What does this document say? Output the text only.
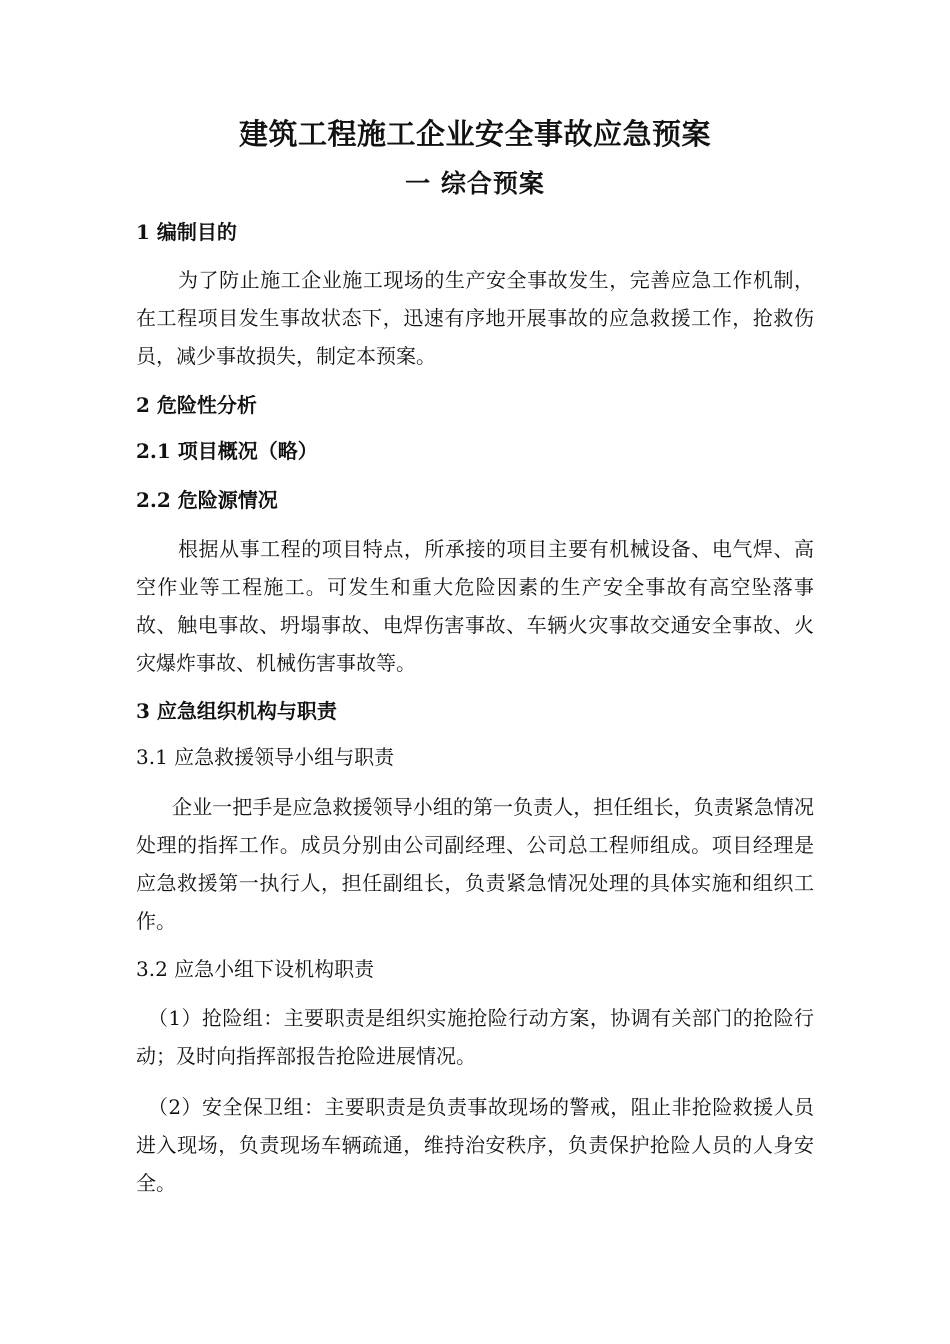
建筑工程施工企业安全事故应急预案
一 综合预案
1 编制目的

为了防止施工企业施工现场的生产安全事故发生，完善应急工作机制，在工程项目发生事故状态下，迅速有序地开展事故的应急救援工作，抢救伤员，减少事故损失，制定本预案。

2 危险性分析
2.1 项目概况（略）
2.2 危险源情况

根据从事工程的项目特点，所承接的项目主要有机械设备、电气焊、高空作业等工程施工。可发生和重大危险因素的生产安全事故有高空坠落事故、触电事故、坍塌事故、电焊伤害事故、车辆火灾事故交通安全事故、火灾爆炸事故、机械伤害事故等。

3 应急组织机构与职责
3.1 应急救援领导小组与职责

企业一把手是应急救援领导小组的第一负责人，担任组长，负责紧急情况处理的指挥工作。成员分别由公司副经理、公司总工程师组成。项目经理是应急救援第一执行人，担任副组长，负责紧急情况处理的具体实施和组织工作。

3.2 应急小组下设机构职责

（1）抢险组：主要职责是组织实施抢险行动方案，协调有关部门的抢险行动；及时向指挥部报告抢险进展情况。

（2）安全保卫组：主要职责是负责事故现场的警戒，阻止非抢险救援人员进入现场，负责现场车辆疏通，维持治安秩序，负责保护抢险人员的人身安全。
